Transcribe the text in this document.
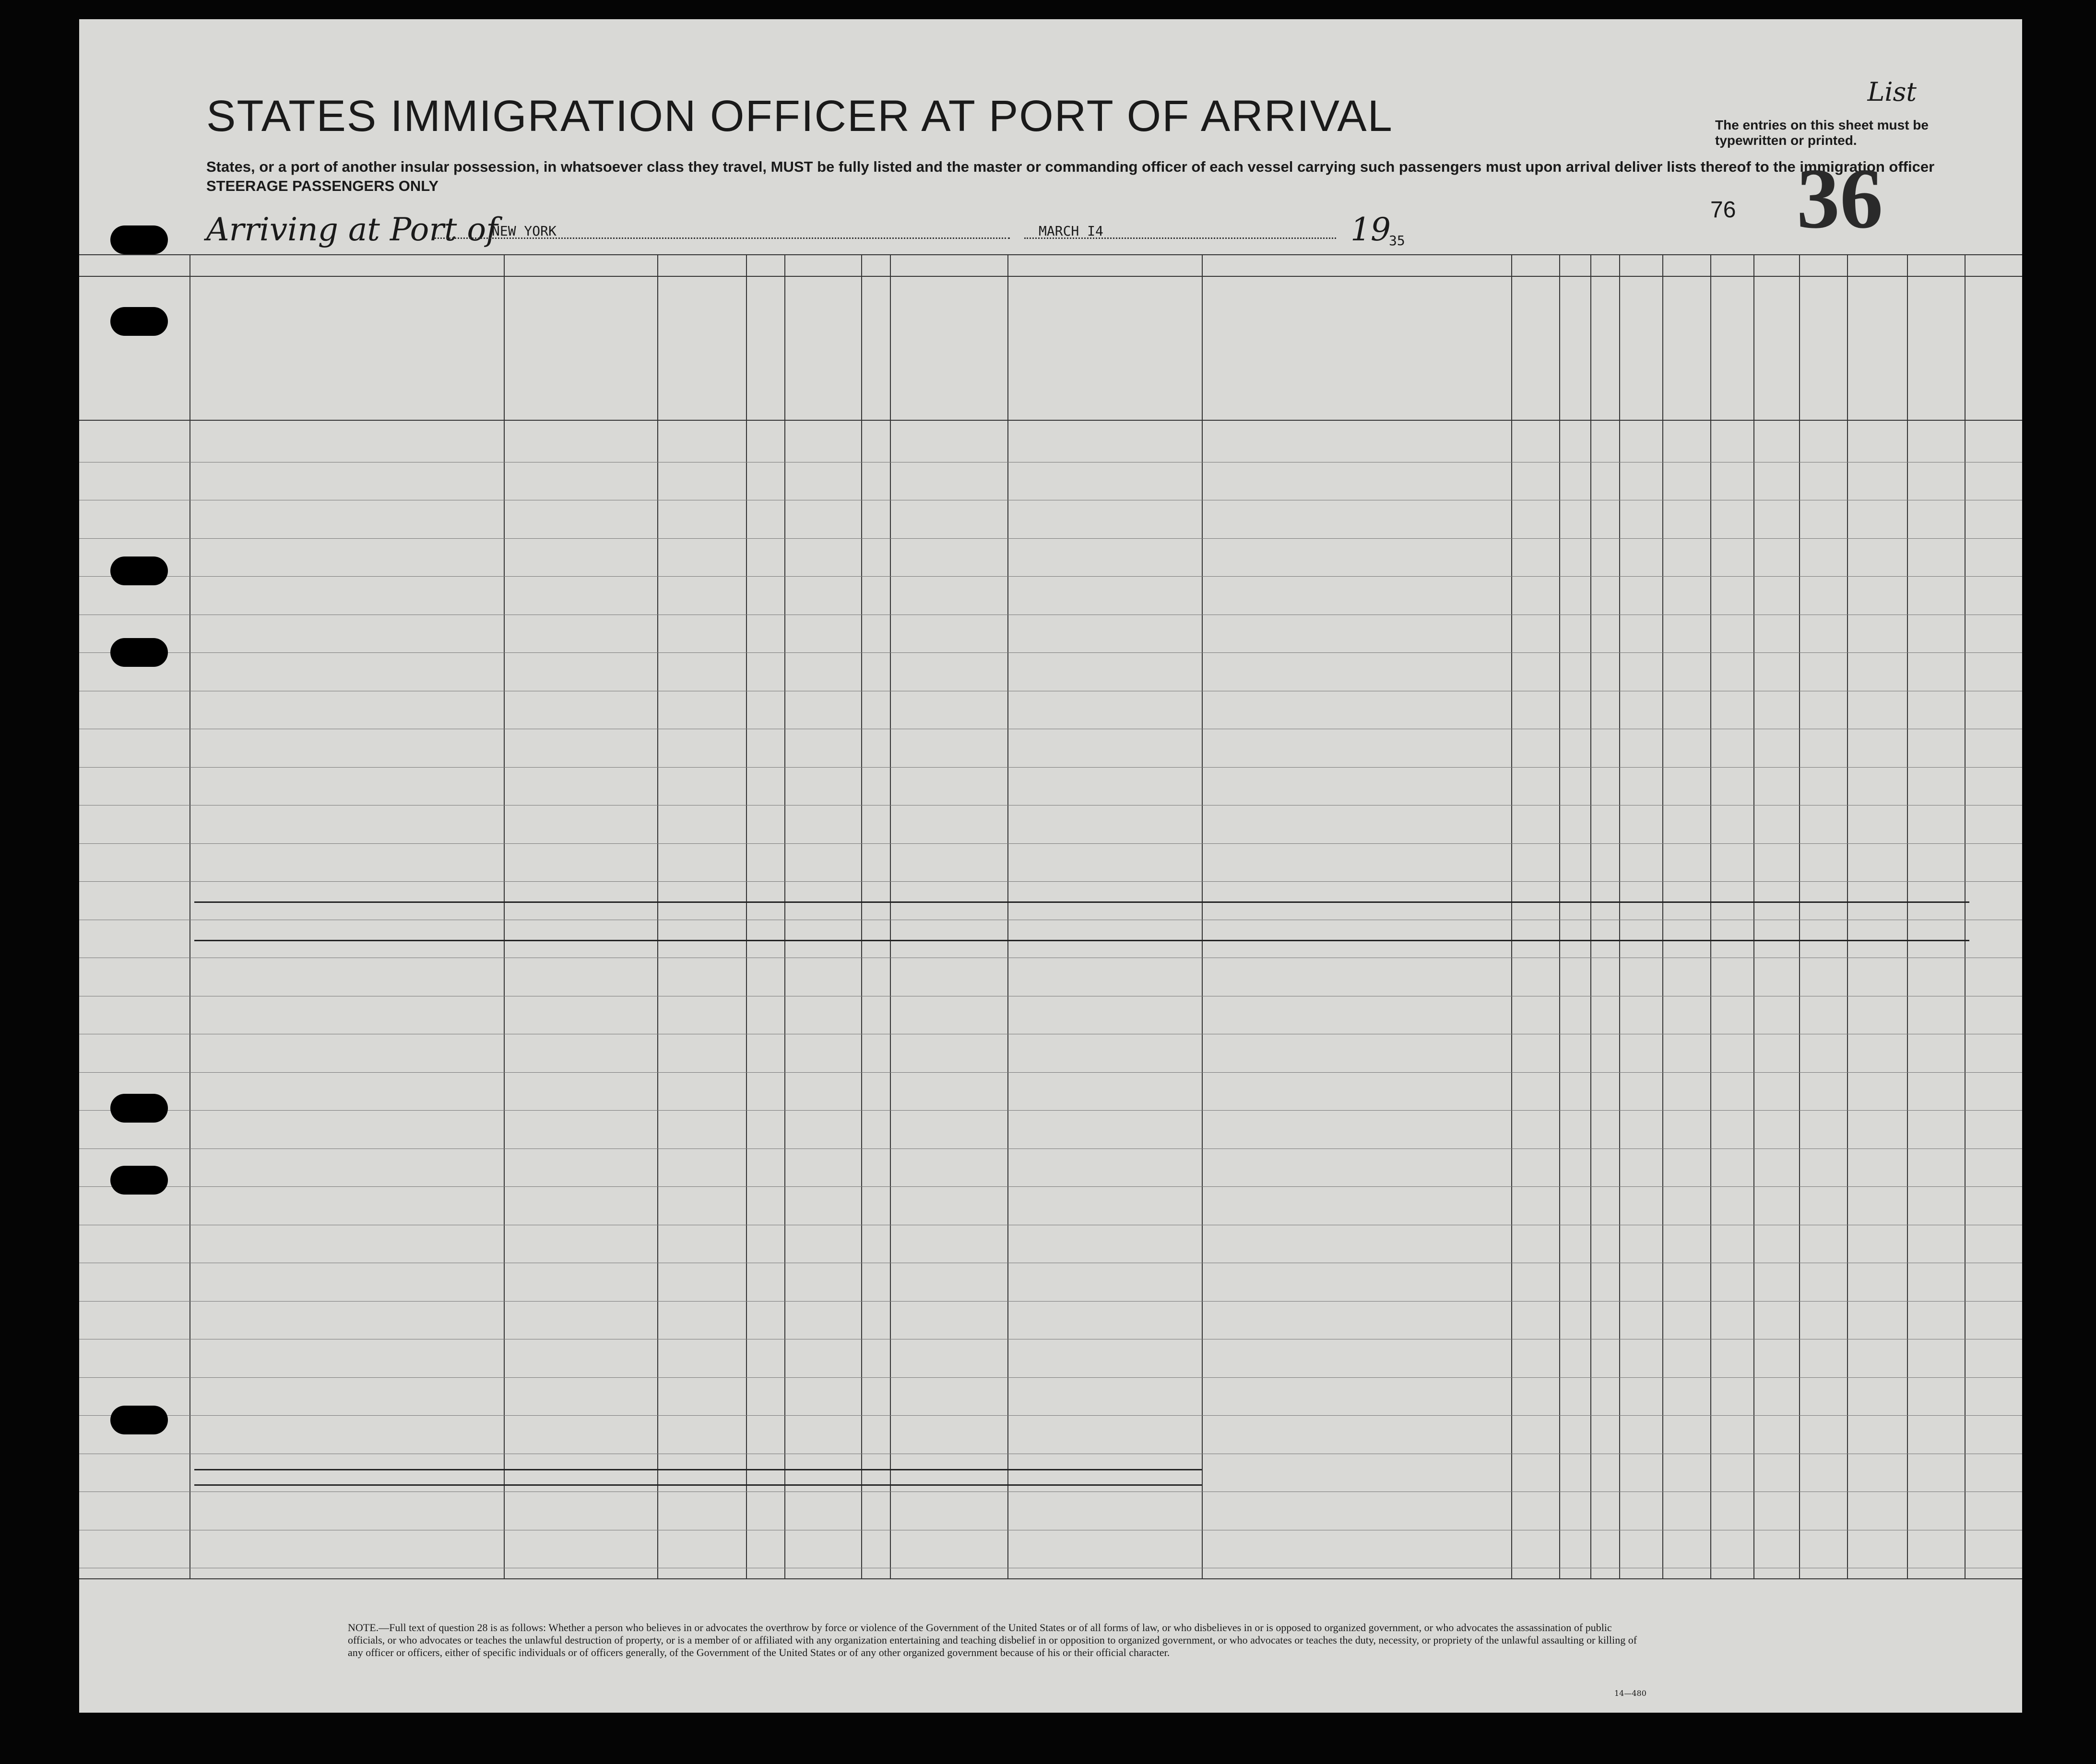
STATES IMMIGRATION OFFICER AT PORT OF ARRIVAL
States, or a port of another insular possession, in whatsoever class they travel, MUST be fully listed and the master or commanding officer of each vessel carrying such passengers must upon arrival deliver lists thereof to the immigration officer
STEERAGE PASSENGERS ONLY
List
The entries on this sheet must be typewritten or printed.
36
76
Arriving at Port of
NEW YORK	MARCH I4	19
35
NOTE.—Full text of question 28 is as follows: Whether a person who believes in or advocates the overthrow by force or violence of the Government of the United States or of all forms of law, or who disbelieves in or is opposed to organized government, or who advocates the assassination of public officials, or who advocates or teaches the unlawful destruction of property, or is a member of or affiliated with any organization entertaining and teaching disbelief in or opposition to organized government, or who advocates or teaches the duty, necessity, or propriety of the unlawful assaulting or killing of any officer or officers, either of specific individuals or of officers generally, of the Government of the United States or of any other organized government because of his or their official character.
14—480
